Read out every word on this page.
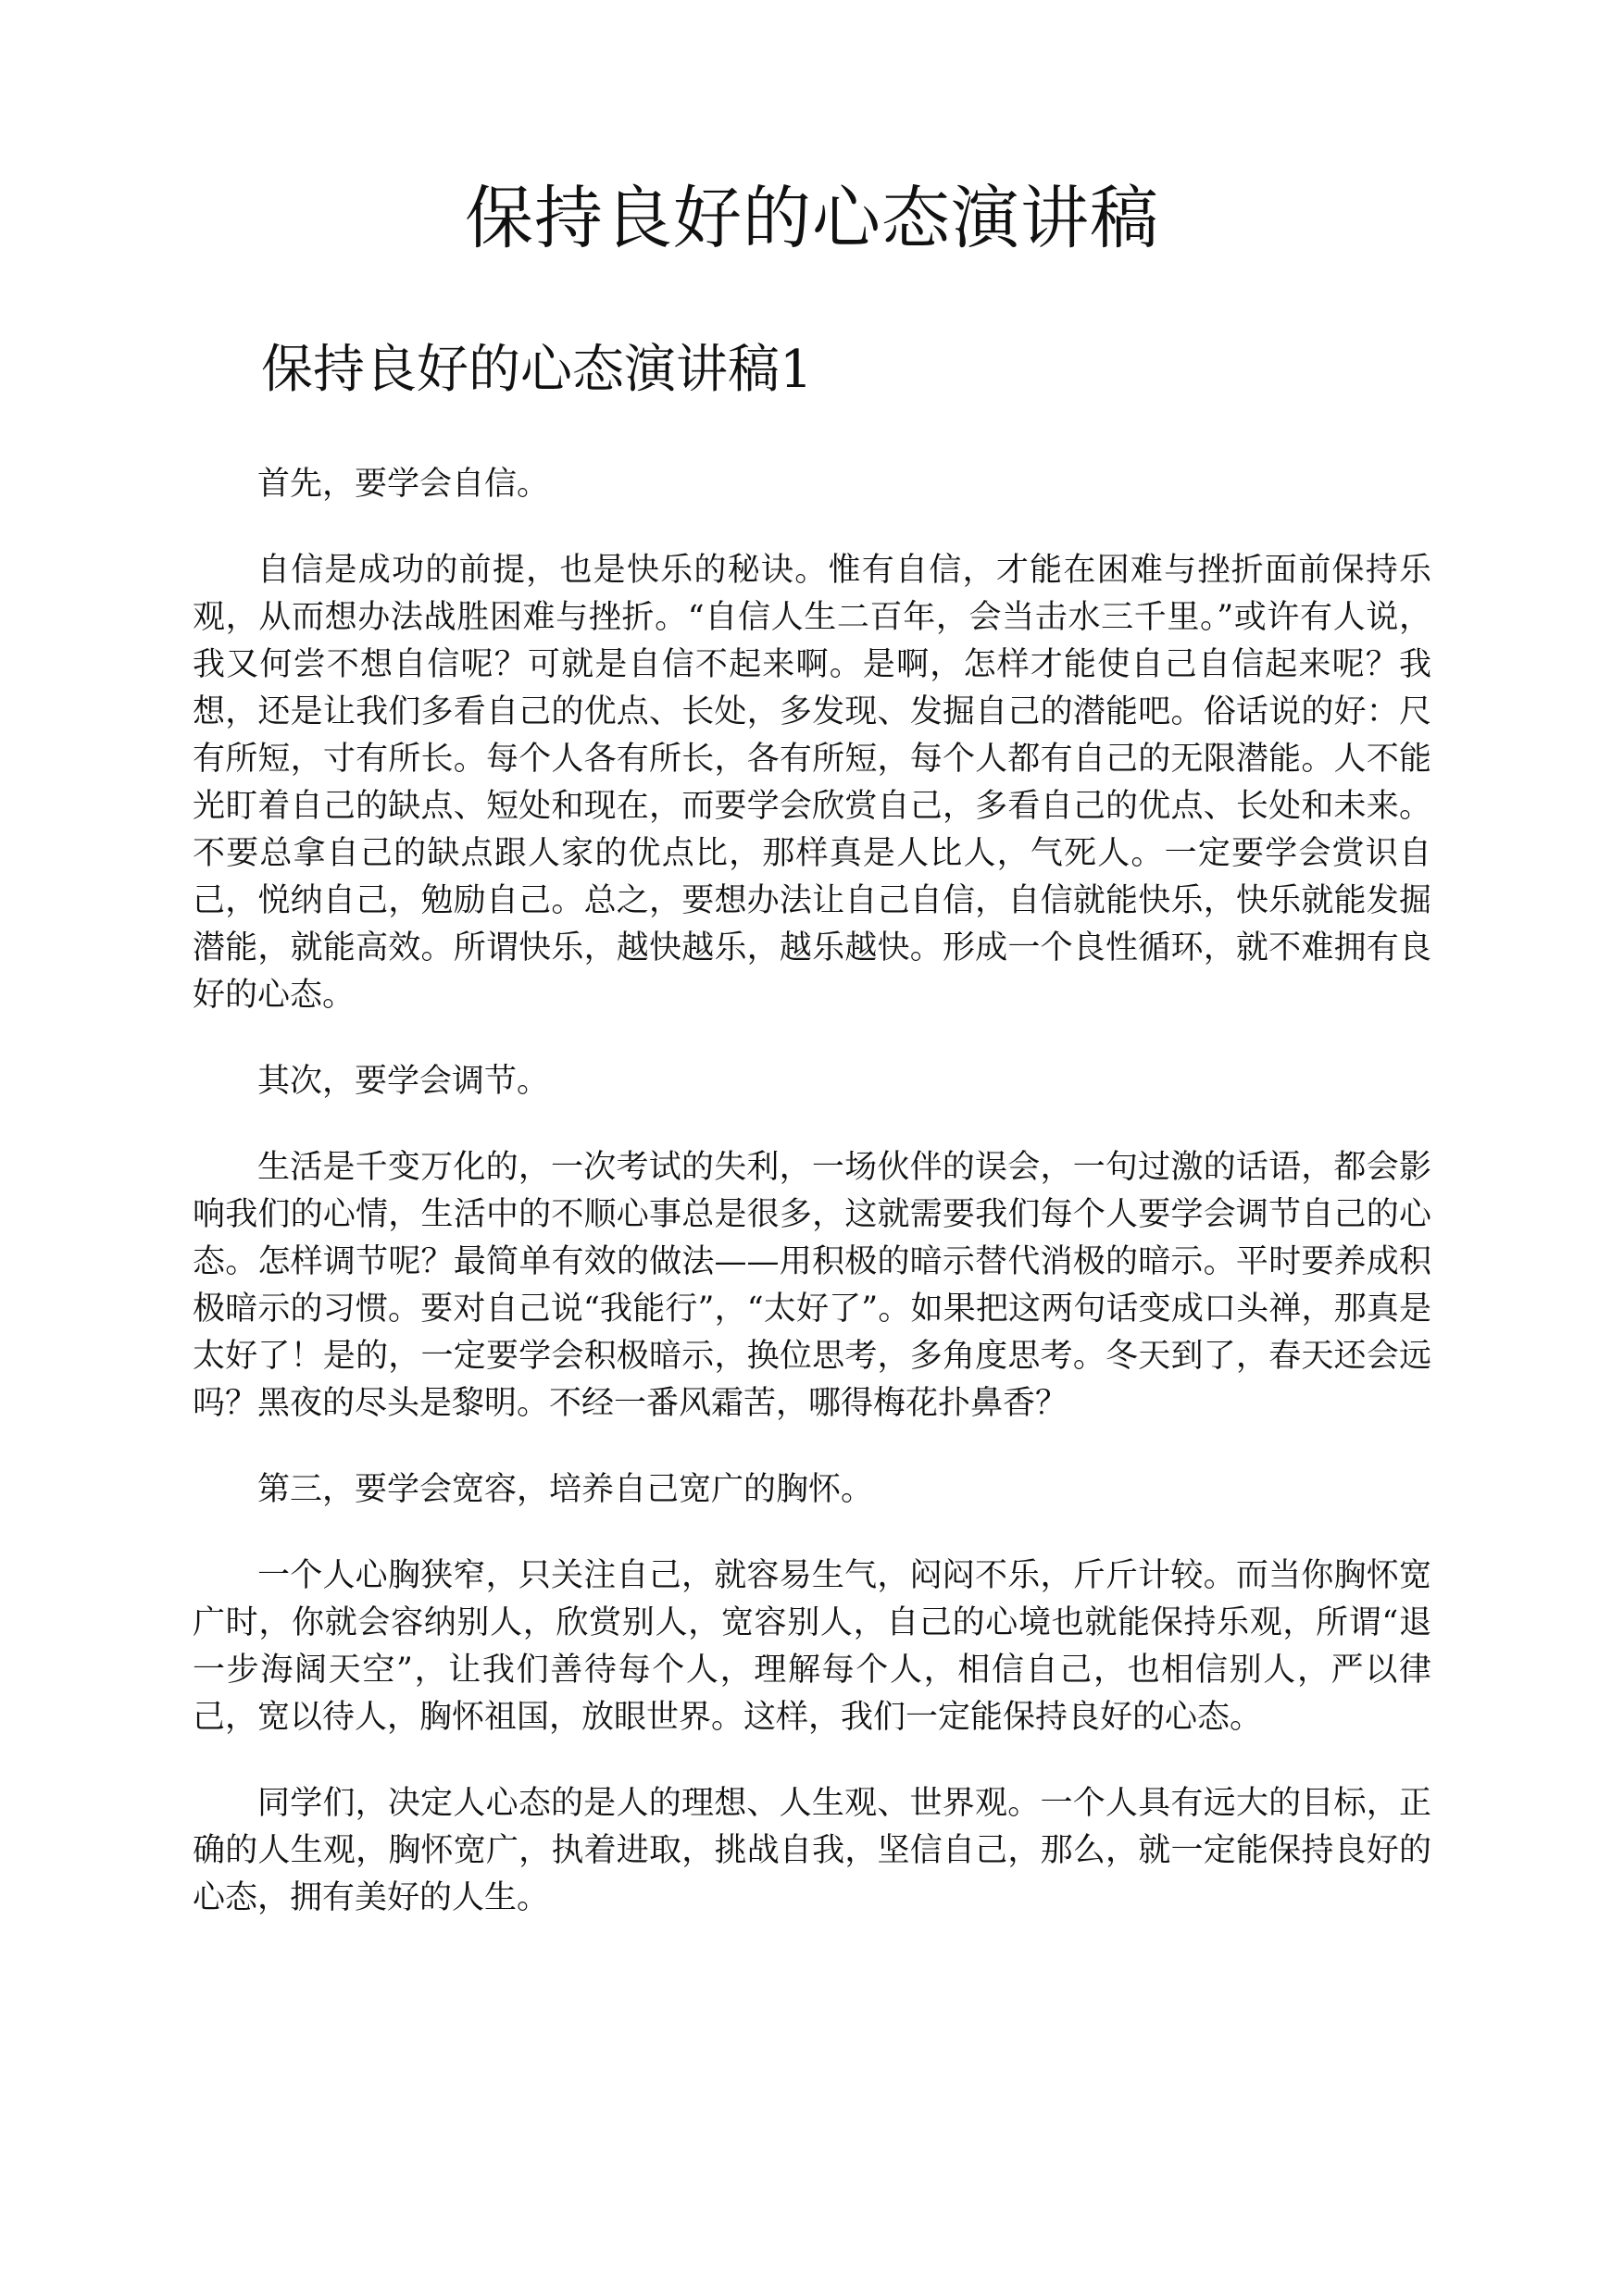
保持良好的心态演讲稿
保持良好的心态演讲稿1

首先，要学会自信。

自信是成功的前提，也是快乐的秘诀。惟有自信，才能在困难与挫折面前保持乐观，从而想办法战胜困难与挫折。“自信人生二百年，会当击水三千里。”或许有人说，我又何尝不想自信呢？可就是自信不起来啊。是啊，怎样才能使自己自信起来呢？我想，还是让我们多看自己的优点、长处，多发现、发掘自己的潜能吧。俗话说的好：尺有所短，寸有所长。每个人各有所长，各有所短，每个人都有自己的无限潜能。人不能光盯着自己的缺点、短处和现在，而要学会欣赏自己，多看自己的优点、长处和未来。不要总拿自己的缺点跟人家的优点比，那样真是人比人，气死人。一定要学会赏识自己，悦纳自己，勉励自己。总之，要想办法让自己自信，自信就能快乐，快乐就能发掘潜能，就能高效。所谓快乐，越快越乐，越乐越快。形成一个良性循环，就不难拥有良好的心态。

其次，要学会调节。

生活是千变万化的，一次考试的失利，一场伙伴的误会，一句过激的话语，都会影响我们的心情，生活中的不顺心事总是很多，这就需要我们每个人要学会调节自己的心态。怎样调节呢？最简单有效的做法——用积极的暗示替代消极的暗示。平时要养成积极暗示的习惯。要对自己说“我能行”，“太好了”。如果把这两句话变成口头禅，那真是太好了！是的，一定要学会积极暗示，换位思考，多角度思考。冬天到了，春天还会远吗？黑夜的尽头是黎明。不经一番风霜苦，哪得梅花扑鼻香？

第三，要学会宽容，培养自己宽广的胸怀。

一个人心胸狭窄，只关注自己，就容易生气，闷闷不乐，斤斤计较。而当你胸怀宽广时，你就会容纳别人，欣赏别人，宽容别人，自己的心境也就能保持乐观，所谓“退一步海阔天空”，让我们善待每个人，理解每个人，相信自己，也相信别人，严以律己，宽以待人，胸怀祖国，放眼世界。这样，我们一定能保持良好的心态。

同学们，决定人心态的是人的理想、人生观、世界观。一个人具有远大的目标，正确的人生观，胸怀宽广，执着进取，挑战自我，坚信自己，那么，就一定能保持良好的心态，拥有美好的人生。
